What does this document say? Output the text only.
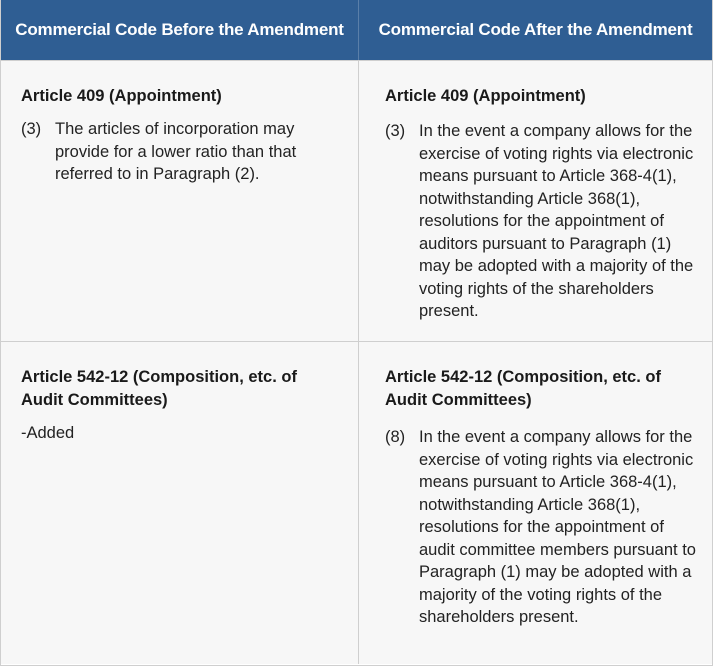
Commercial Code Before the Amendment	Commercial Code After the Amendment
Article 409 (Appointment)
(3) The articles of incorporation may provide for a lower ratio than that referred to in Paragraph (2).
Article 409 (Appointment)
(3) In the event a company allows for the exercise of voting rights via electronic means pursuant to Article 368-4(1), notwithstanding Article 368(1), resolutions for the appointment of auditors pursuant to Paragraph (1) may be adopted with a majority of the voting rights of the shareholders present.
Article 542-12 (Composition, etc. of Audit Committees)
-Added
Article 542-12 (Composition, etc. of Audit Committees)
(8) In the event a company allows for the exercise of voting rights via electronic means pursuant to Article 368-4(1), notwithstanding Article 368(1), resolutions for the appointment of audit committee members pursuant to Paragraph (1) may be adopted with a majority of the voting rights of the shareholders present.
